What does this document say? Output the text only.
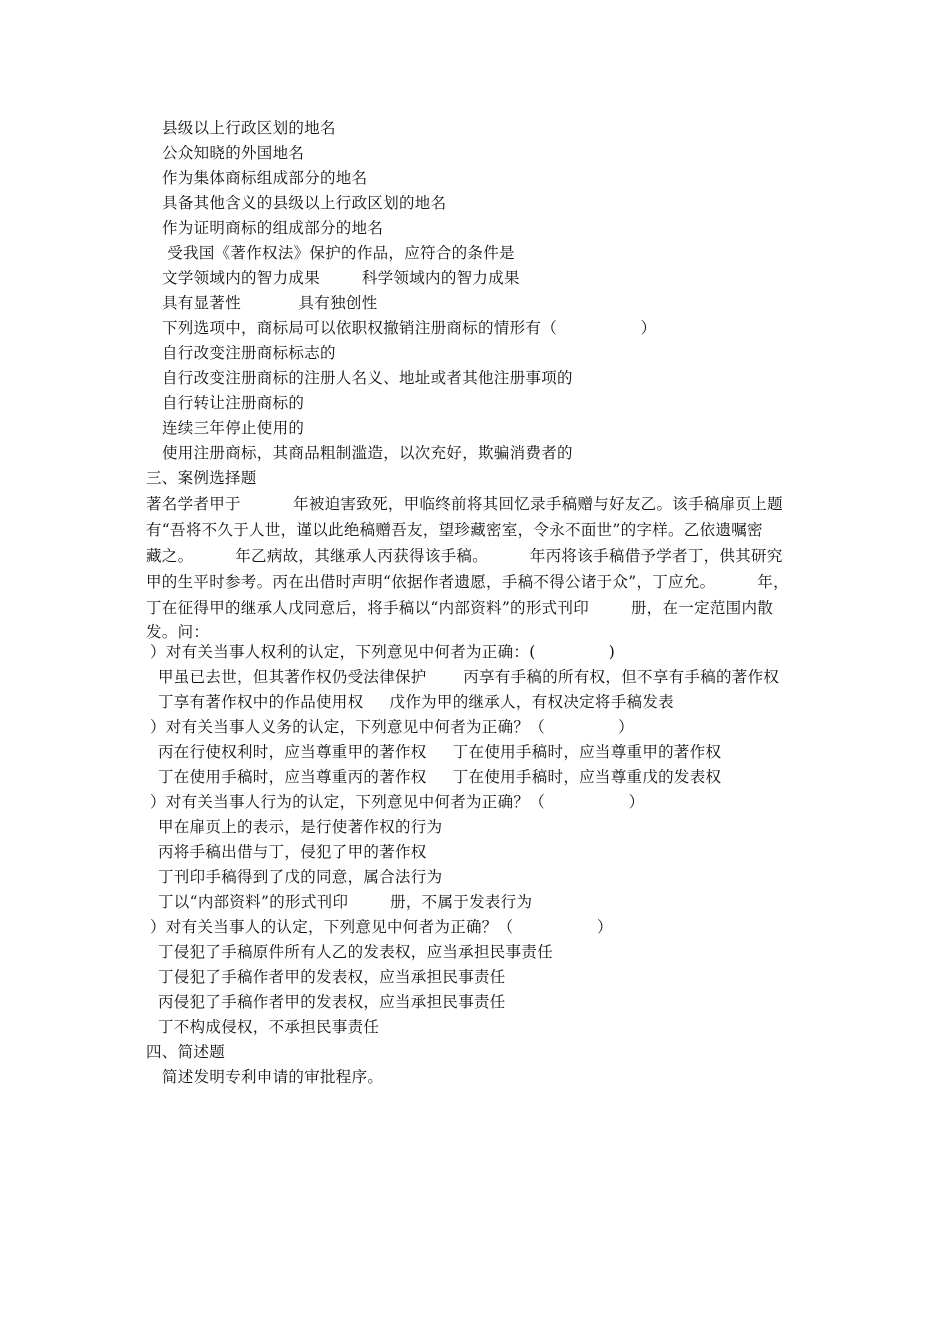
县级以上行政区划的地名
公众知晓的外国地名
作为集体商标组成部分的地名
具备其他含义的县级以上行政区划的地名
作为证明商标的组成部分的地名
受我国《著作权法》保护的作品，应符合的条件是
文学领域内的智力成果        科学领域内的智力成果
具有显著性           具有独创性
下列选项中，商标局可以依职权撤销注册商标的情形有（                ）
自行改变注册商标标志的
自行改变注册商标的注册人名义、地址或者其他注册事项的
自行转让注册商标的
连续三年停止使用的
使用注册商标，其商品粗制滥造，以次充好，欺骗消费者的
三、案例选择题
著名学者甲于          年被迫害致死，甲临终前将其回忆录手稿赠与好友乙。该手稿扉页上题
有“吾将不久于人世，谨以此绝稿赠吾友，望珍藏密室，令永不面世”的字样。乙依遗嘱密
藏之。        年乙病故，其继承人丙获得该手稿。        年丙将该手稿借予学者丁，供其研究
甲的生平时参考。丙在出借时声明“依据作者遗愿，手稿不得公诸于众”，丁应允。        年，
丁在征得甲的继承人戊同意后，将手稿以“内部资料”的形式刊印        册，在一定范围内散
发。问：
）对有关当事人权利的认定，下列意见中何者为正确：(              )
甲虽已去世，但其著作权仍受法律保护       丙享有手稿的所有权，但不享有手稿的著作权
丁享有著作权中的作品使用权     戊作为甲的继承人，有权决定将手稿发表
）对有关当事人义务的认定，下列意见中何者为正确？（              ）
丙在行使权利时，应当尊重甲的著作权     丁在使用手稿时，应当尊重甲的著作权
丁在使用手稿时，应当尊重丙的著作权     丁在使用手稿时，应当尊重戊的发表权
）对有关当事人行为的认定，下列意见中何者为正确？（                ）
甲在扉页上的表示，是行使著作权的行为
丙将手稿出借与丁，侵犯了甲的著作权
丁刊印手稿得到了戊的同意，属合法行为
丁以“内部资料”的形式刊印        册，不属于发表行为
）对有关当事人的认定，下列意见中何者为正确？（                ）
丁侵犯了手稿原件所有人乙的发表权，应当承担民事责任
丁侵犯了手稿作者甲的发表权，应当承担民事责任
丙侵犯了手稿作者甲的发表权，应当承担民事责任
丁不构成侵权，不承担民事责任
四、简述题
简述发明专利申请的审批程序。
